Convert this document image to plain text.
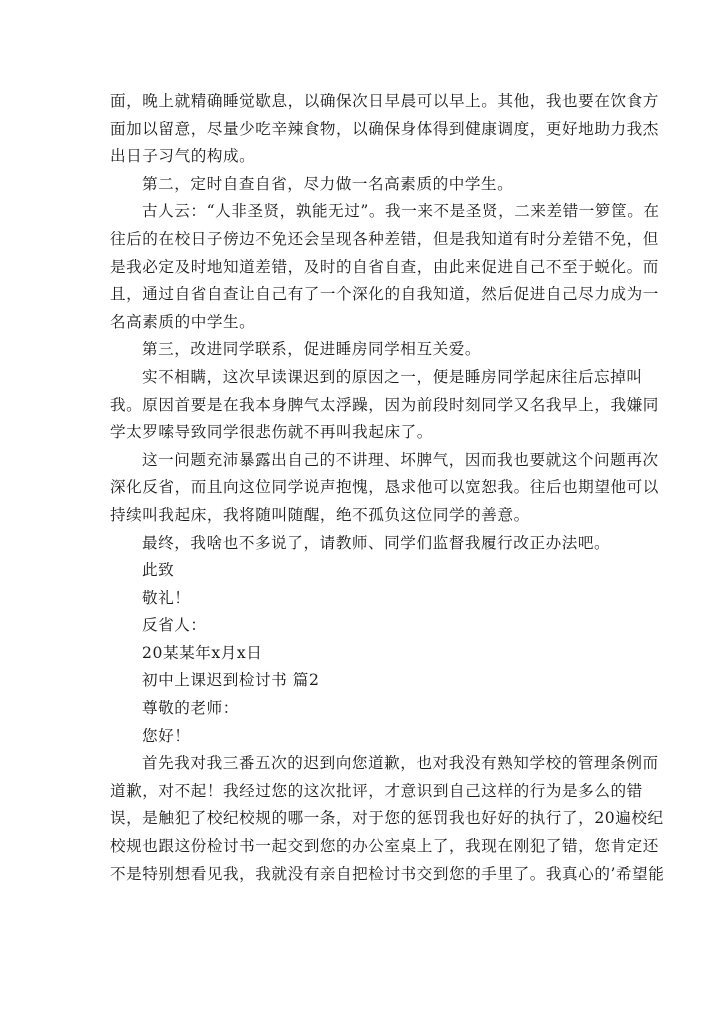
面，晚上就精确睡觉歇息，以确保次日早晨可以早上。其他，我也要在饮食方
面加以留意，尽量少吃辛辣食物，以确保身体得到健康调度，更好地助力我杰
出日子习气的构成。
第二，定时自查自省，尽力做一名高素质的中学生。
古人云：“人非圣贤，孰能无过”。我一来不是圣贤，二来差错一箩筐。在
往后的在校日子傍边不免还会呈现各种差错，但是我知道有时分差错不免，但
是我必定及时地知道差错，及时的自省自查，由此来促进自己不至于蜕化。而
且，通过自省自查让自己有了一个深化的自我知道，然后促进自己尽力成为一
名高素质的中学生。
第三，改进同学联系，促进睡房同学相互关爱。
实不相瞒，这次早读课迟到的原因之一，便是睡房同学起床往后忘掉叫
我。原因首要是在我本身脾气太浮躁，因为前段时刻同学又名我早上，我嫌同
学太罗嗦导致同学很悲伤就不再叫我起床了。
这一问题充沛暴露出自己的不讲理、坏脾气，因而我也要就这个问题再次
深化反省，而且向这位同学说声抱愧，恳求他可以宽恕我。往后也期望他可以
持续叫我起床，我将随叫随醒，绝不孤负这位同学的善意。
最终，我啥也不多说了，请教师、同学们监督我履行改正办法吧。
此致
敬礼！
反省人：
20某某年x月x日
初中上课迟到检讨书 篇2
尊敬的老师：
您好！
首先我对我三番五次的迟到向您道歉，也对我没有熟知学校的管理条例而
道歉，对不起！我经过您的这次批评，才意识到自己这样的行为是多么的错
误，是触犯了校纪校规的哪一条，对于您的惩罚我也好好的执行了，20遍校纪
校规也跟这份检讨书一起交到您的办公室桌上了，我现在刚犯了错，您肯定还
不是特别想看见我，我就没有亲自把检讨书交到您的手里了。我真心的’希望能
